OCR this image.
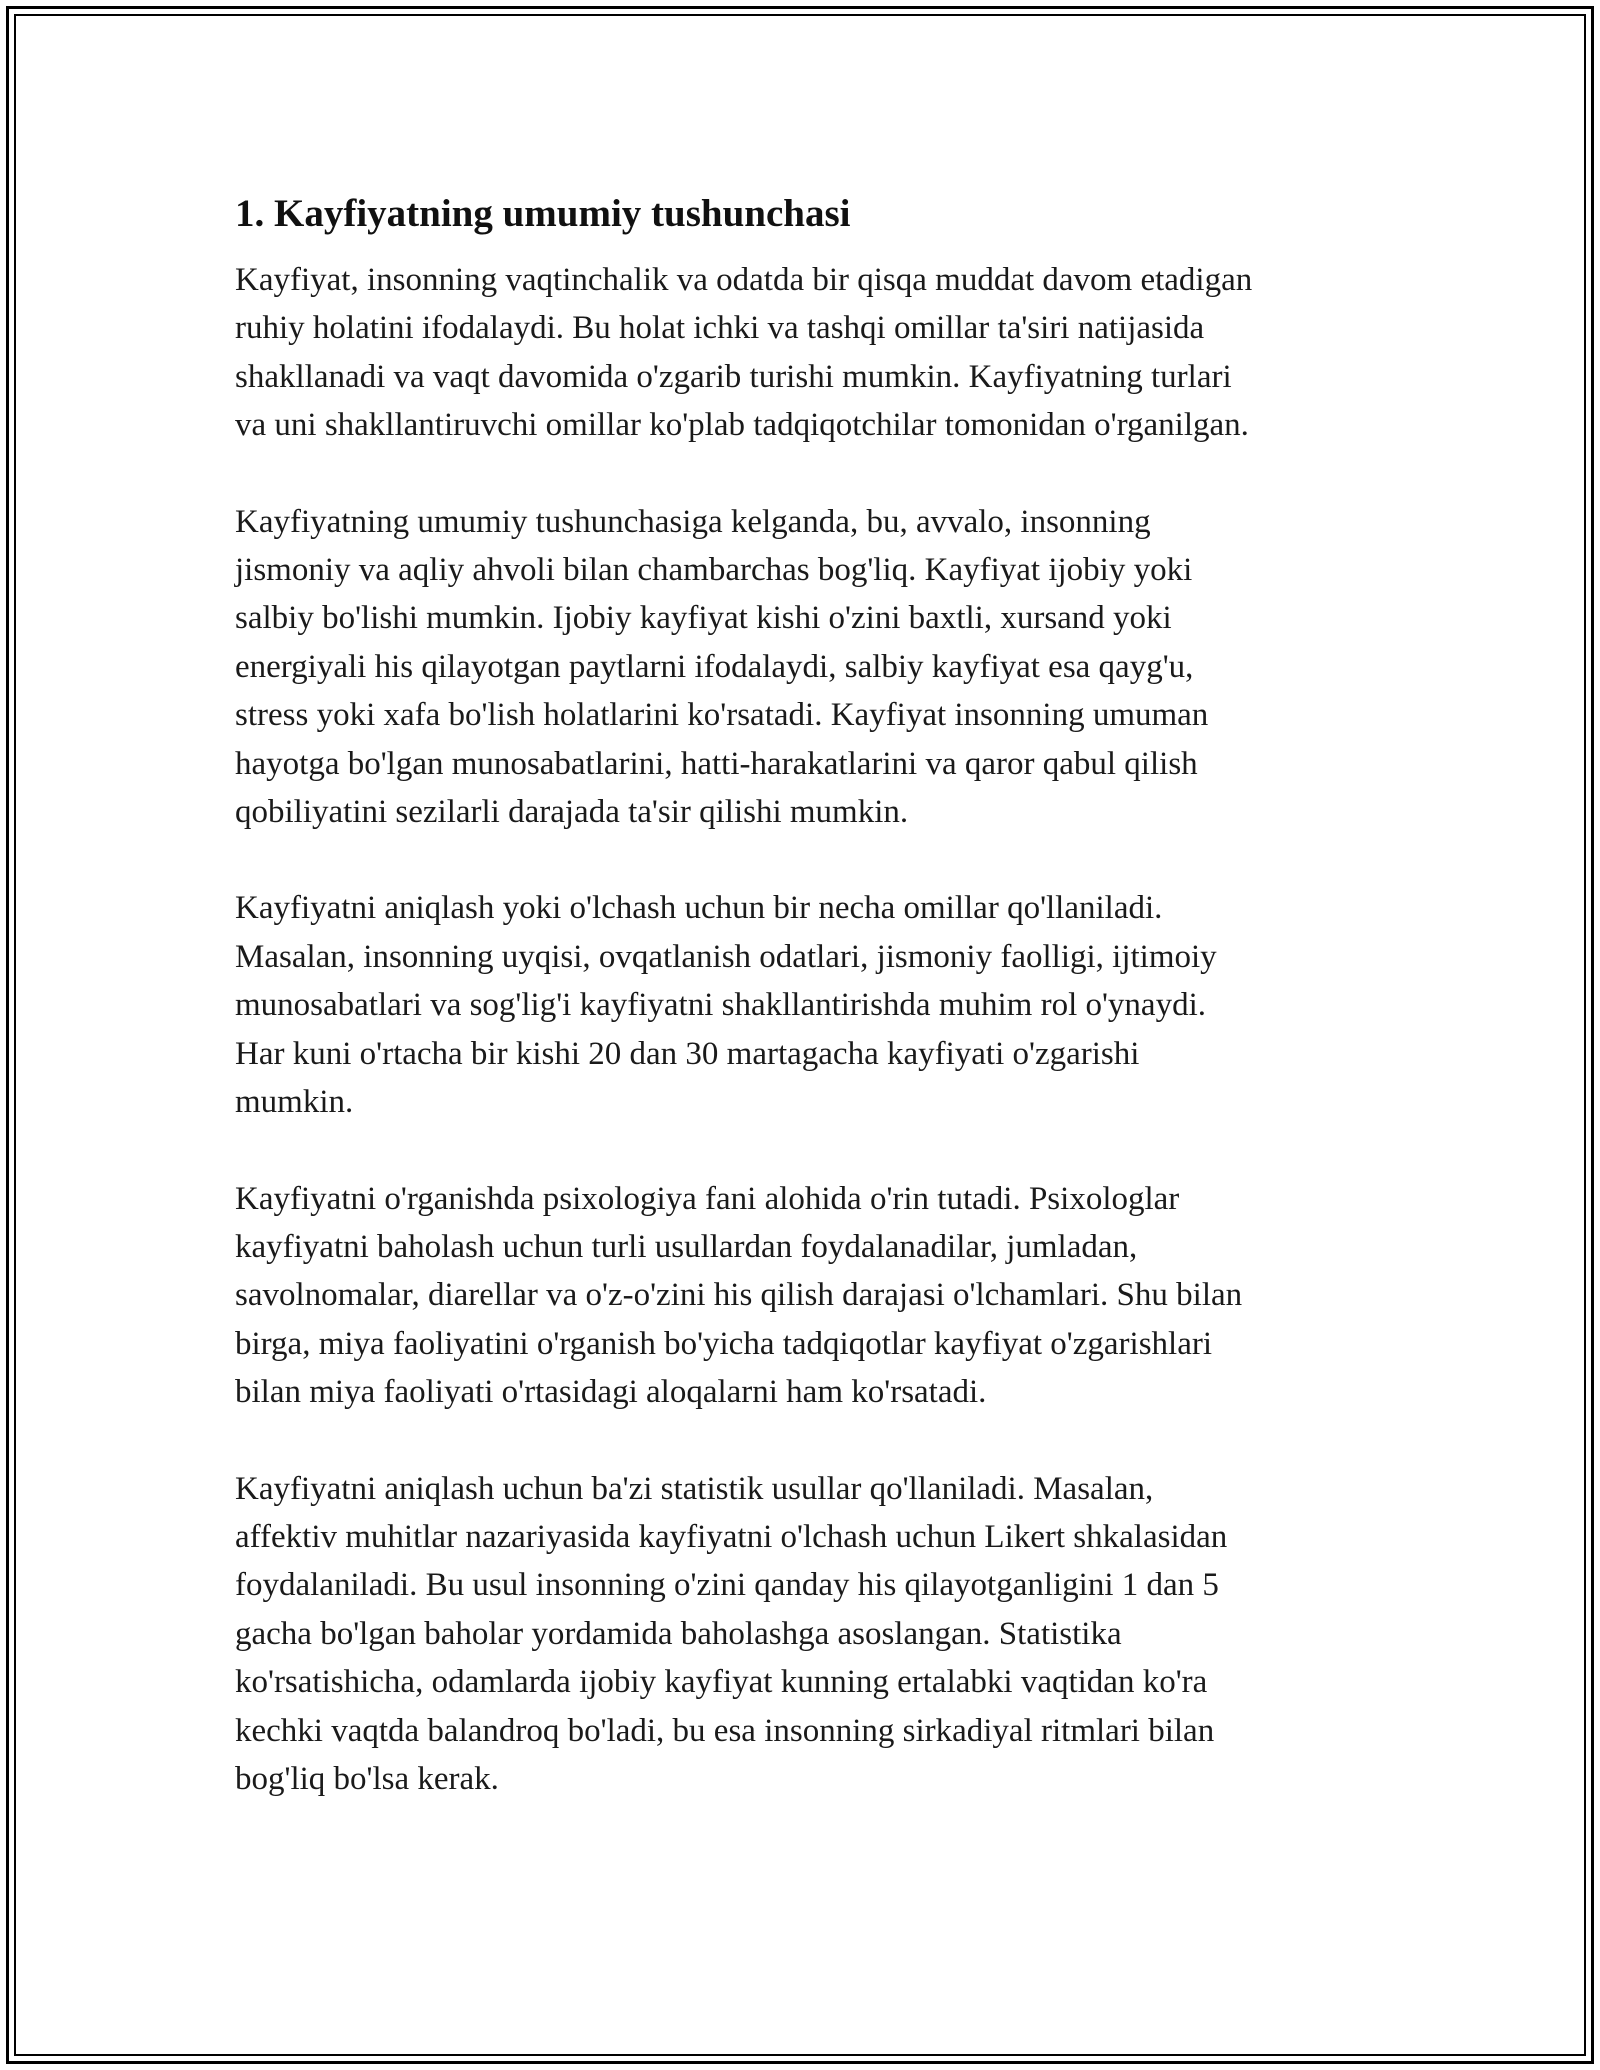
1. Kayfiyatning umumiy tushunchasi

Kayfiyat, insonning vaqtinchalik va odatda bir qisqa muddat davom etadigan
ruhiy holatini ifodalaydi. Bu holat ichki va tashqi omillar ta'siri natijasida
shakllanadi va vaqt davomida o'zgarib turishi mumkin. Kayfiyatning turlari
va uni shakllantiruvchi omillar ko'plab tadqiqotchilar tomonidan o'rganilgan.

Kayfiyatning umumiy tushunchasiga kelganda, bu, avvalo, insonning
jismoniy va aqliy ahvoli bilan chambarchas bog'liq. Kayfiyat ijobiy yoki
salbiy bo'lishi mumkin. Ijobiy kayfiyat kishi o'zini baxtli, xursand yoki
energiyali his qilayotgan paytlarni ifodalaydi, salbiy kayfiyat esa qayg'u,
stress yoki xafa bo'lish holatlarini ko'rsatadi. Kayfiyat insonning umuman
hayotga bo'lgan munosabatlarini, hatti-harakatlarini va qaror qabul qilish
qobiliyatini sezilarli darajada ta'sir qilishi mumkin.

Kayfiyatni aniqlash yoki o'lchash uchun bir necha omillar qo'llaniladi.
Masalan, insonning uyqisi, ovqatlanish odatlari, jismoniy faolligi, ijtimoiy
munosabatlari va sog'lig'i kayfiyatni shakllantirishda muhim rol o'ynaydi.
Har kuni o'rtacha bir kishi 20 dan 30 martagacha kayfiyati o'zgarishi
mumkin.

Kayfiyatni o'rganishda psixologiya fani alohida o'rin tutadi. Psixologlar
kayfiyatni baholash uchun turli usullardan foydalanadilar, jumladan,
savolnomalar, diarellar va o'z-o'zini his qilish darajasi o'lchamlari. Shu bilan
birga, miya faoliyatini o'rganish bo'yicha tadqiqotlar kayfiyat o'zgarishlari
bilan miya faoliyati o'rtasidagi aloqalarni ham ko'rsatadi.

Kayfiyatni aniqlash uchun ba'zi statistik usullar qo'llaniladi. Masalan,
affektiv muhitlar nazariyasida kayfiyatni o'lchash uchun Likert shkalasidan
foydalaniladi. Bu usul insonning o'zini qanday his qilayotganligini 1 dan 5
gacha bo'lgan baholar yordamida baholashga asoslangan. Statistika
ko'rsatishicha, odamlarda ijobiy kayfiyat kunning ertalabki vaqtidan ko'ra
kechki vaqtda balandroq bo'ladi, bu esa insonning sirkadiyal ritmlari bilan
bog'liq bo'lsa kerak.
